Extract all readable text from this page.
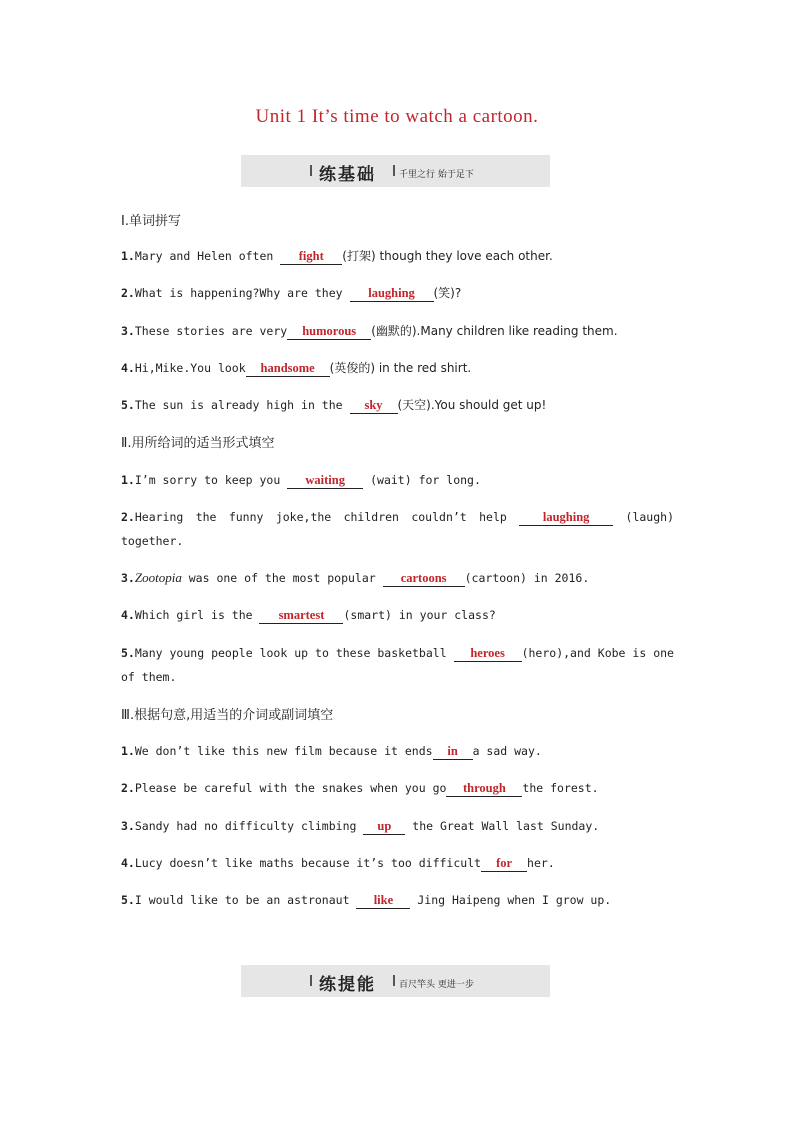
Unit 1 It’s time to watch a cartoon.
练基础	千里之行 始于足下
Ⅰ.单词拼写
1.Mary and Helen often fight (打架) though they love each other.
2.What is happening?Why are they laughing (笑)?
3.These stories are very humorous (幽默的).Many children like reading them.
4.Hi,Mike.You look handsome (英俊的) in the red shirt.
5.The sun is already high in the sky (天空).You should get up!
Ⅱ.用所给词的适当形式填空
1.I’m sorry to keep you waiting (wait) for long.
2.Hearing the funny joke,the children couldn’t help laughing (laugh) together.
3.Zootopia was one of the most popular cartoons (cartoon) in 2016.
4.Which girl is the smartest (smart) in your class?
5.Many young people look up to these basketball heroes (hero),and Kobe is one of them.
Ⅲ.根据句意,用适当的介词或副词填空
1.We don’t like this new film because it ends in a sad way.
2.Please be careful with the snakes when you go through the forest.
3.Sandy had no difficulty climbing up the Great Wall last Sunday.
4.Lucy doesn’t like maths because it’s too difficult for her.
5.I would like to be an astronaut like Jing Haipeng when I grow up.
练提能	百尺竿头 更进一步
